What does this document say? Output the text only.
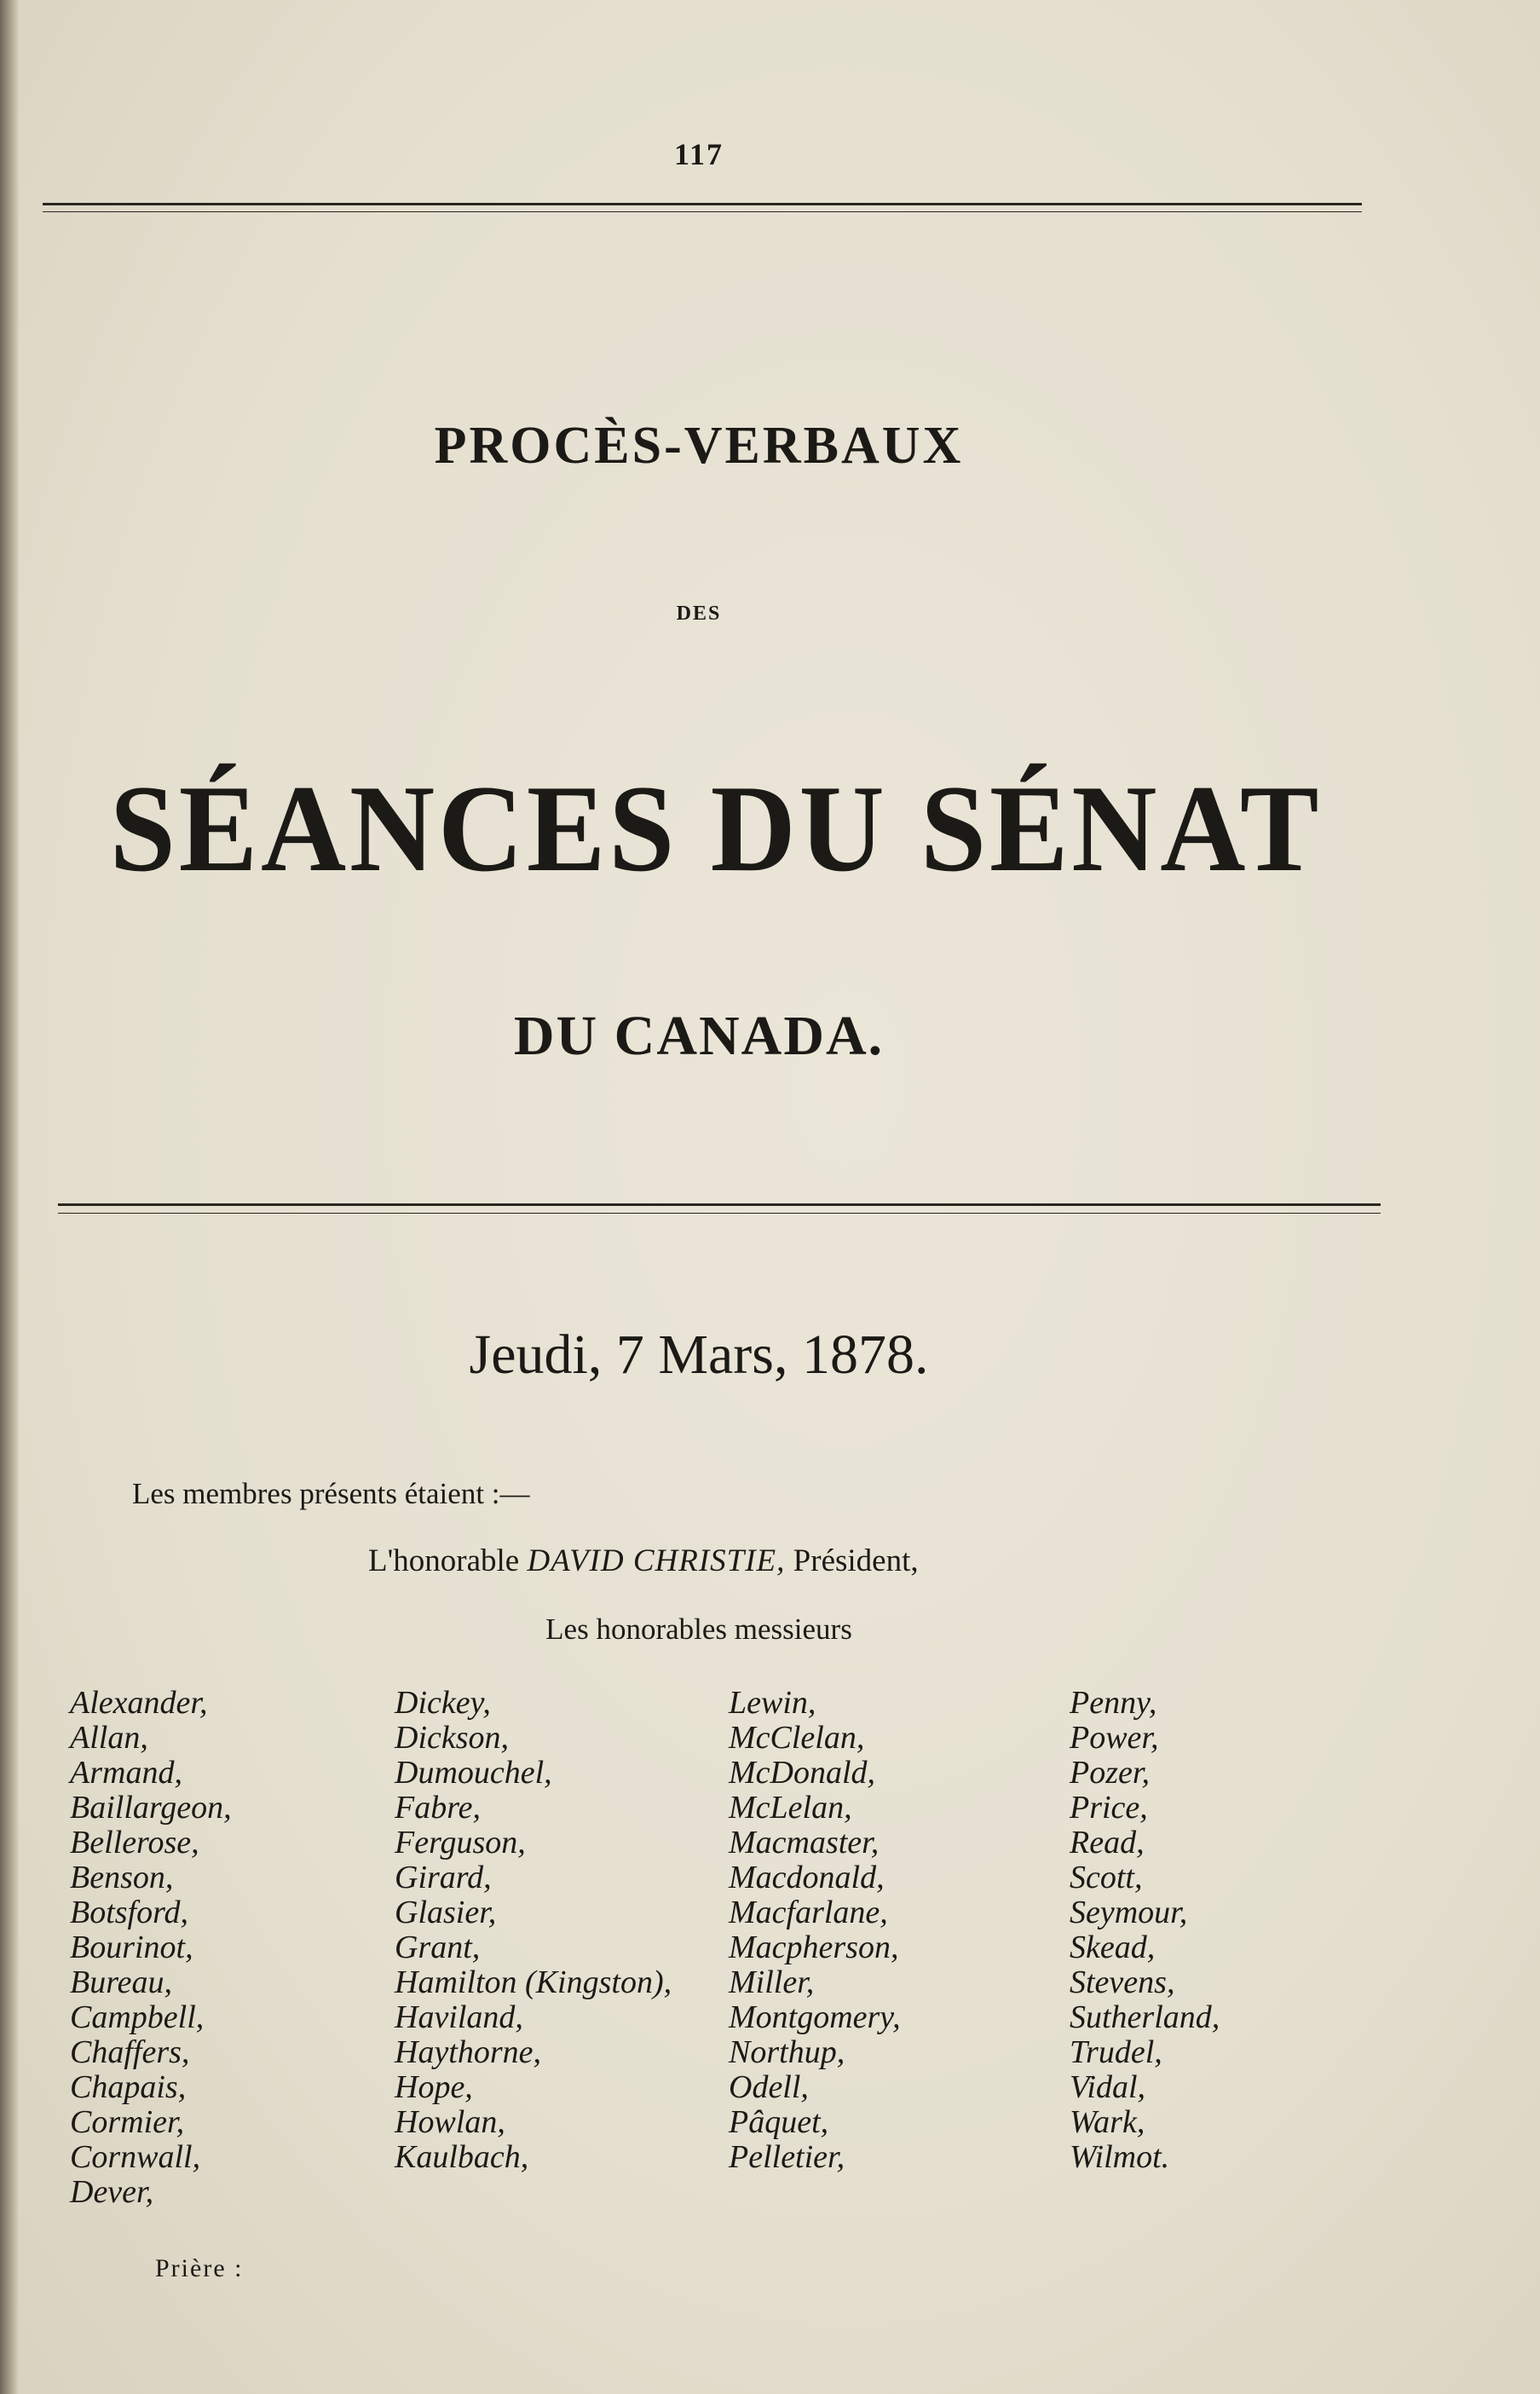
117
PROCÈS-VERBAUX
DES
SÉANCES DU SÉNAT
DU CANADA.
Jeudi, 7 Mars, 1878.
Les membres présents étaient :—
L'honorable DAVID CHRISTIE, Président,
Les honorables messieurs
Alexander,
Allan,
Armand,
Baillargeon,
Bellerose,
Benson,
Botsford,
Bourinot,
Bureau,
Campbell,
Chaffers,
Chapais,
Cormier,
Cornwall,
Dever,
Dickey,
Dickson,
Dumouchel,
Fabre,
Ferguson,
Girard,
Glasier,
Grant,
Hamilton (Kingston),
Haviland,
Haythorne,
Hope,
Howlan,
Kaulbach,
Lewin,
McClelan,
McDonald,
McLelan,
Macmaster,
Macdonald,
Macfarlane,
Macpherson,
Miller,
Montgomery,
Northup,
Odell,
Pâquet,
Pelletier,
Penny,
Power,
Pozer,
Price,
Read,
Scott,
Seymour,
Skead,
Stevens,
Sutherland,
Trudel,
Vidal,
Wark,
Wilmot.
Prière :
